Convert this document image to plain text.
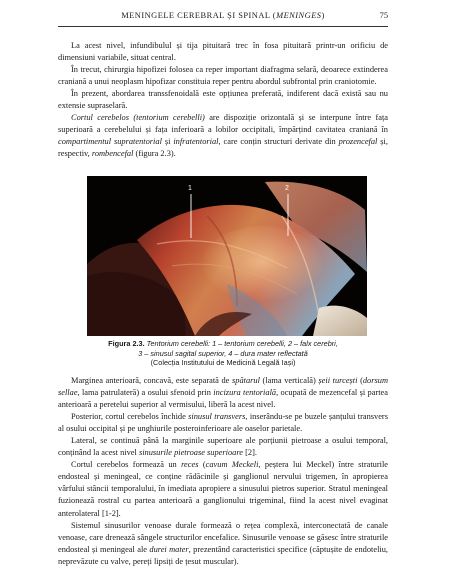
MENINGELE CEREBRAL ȘI SPINAL (MENINGES)	75

La acest nivel, infundibulul și tija pituitară trec în fosa pituitară printr-un orificiu de dimensiuni variabile, situat central.

În trecut, chirurgia hipofizei folosea ca reper important diafragma selară, deoarece extinderea craniană a unui neoplasm hipofizar constituia reper pentru abordul subfrontal prin craniotomie.

În prezent, abordarea transsfenoidală este opțiunea preferată, indiferent dacă există sau nu extensie supraselară.

Cortul cerebelos (tentorium cerebelli) are dispoziție orizontală și se interpune între fața superioară a cerebelului și fața inferioară a lobilor occipitali, împărțind cavitatea craniană în compartimentul supratentorial și infratentorial, care conțin structuri derivate din prozencefal și, respectiv, rombencefal (figura 2.3).

1	2
Figura 2.3. Tentorium cerebelli: 1 – tentorium cerebelli, 2 – falx cerebri,
3 – sinusul sagital superior, 4 – dura mater reflectată
(Colecția Institutului de Medicină Legală Iași)

Marginea anterioară, concavă, este separată de spătarul (lama verticală) șeii turcești (dorsum sellae, lama patrulateră) a osului sfenoid prin incizura tentorială, ocupată de mezencefal și partea anterioară a peretelui superior al vermisului, liberă la acest nivel.

Posterior, cortul cerebelos închide sinusul transvers, inserându-se pe buzele șanțului transvers al osului occipital și pe unghiurile posteroinferioare ale oaselor parietale.

Lateral, se continuă până la marginile superioare ale porțiunii pietroase a osului temporal, conținând la acest nivel sinusurile pietroase superioare [2].

Cortul cerebelos formează un reces (cavum Meckeli, peștera lui Meckel) între straturile endosteal și meningeal, ce conține rădăcinile și ganglionul nervului trigemen, în apropierea vârfului stâncii temporalului, în imediata apropiere a sinusului pietros superior. Stratul meningeal fuzionează rostral cu partea anterioară a ganglionului trigeminal, fiind la acest nivel evaginat anterolateral [1-2].

Sistemul sinusurilor venoase durale formează o rețea complexă, interconectată de canale venoase, care drenează sângele structurilor encefalice. Sinusurile venoase se găsesc între straturile endosteal și meningeal ale durei mater, prezentând caracteristici specifice (căptușite de endoteliu, neprevăzute cu valve, pereți lipsiți de țesut muscular).
